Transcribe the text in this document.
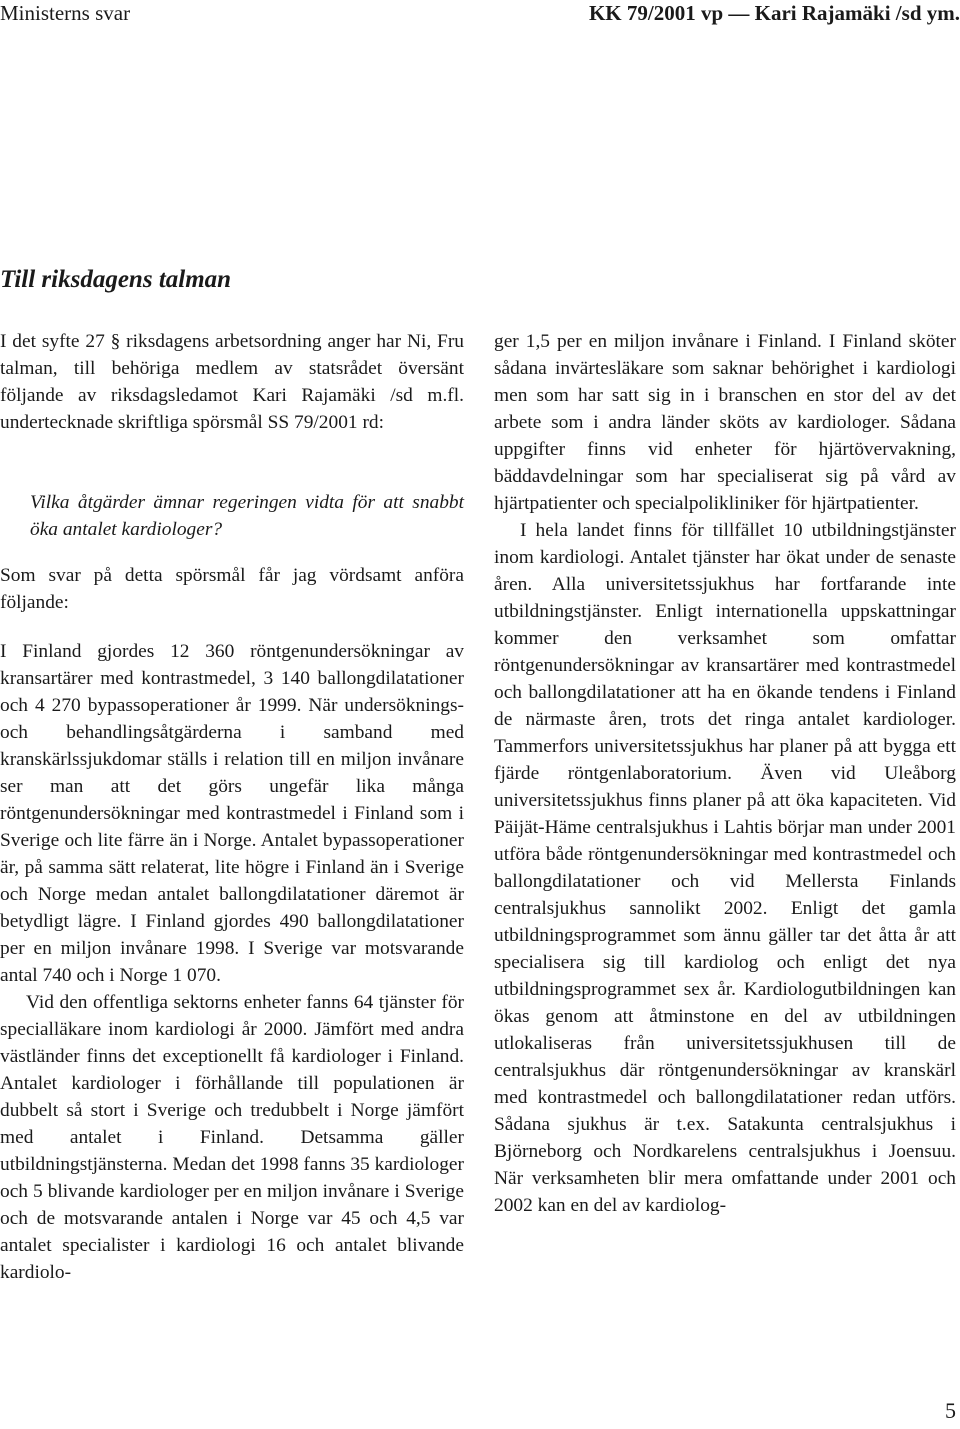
Ministerns svar	KK 79/2001 vp — Kari Rajamäki /sd ym.
Till riksdagens talman
I det syfte 27 § riksdagens arbetsordning anger har Ni, Fru talman, till behöriga medlem av statsrådet översänt följande av riksdagsledamot Kari Rajamäki /sd m.fl. undertecknade skriftliga spörsmål SS 79/2001 rd:
Vilka åtgärder ämnar regeringen vidta för att snabbt öka antalet kardiologer?
Som svar på detta spörsmål får jag vördsamt anföra följande:

I Finland gjordes 12 360 röntgenundersökningar av kransartärer med kontrastmedel, 3 140 ballongdilatationer och 4 270 bypassoperationer år 1999. När undersöknings- och behandlingsåtgärderna i samband med kranskärlssjukdomar ställs i relation till en miljon invånare ser man att det görs ungefär lika många röntgenundersökningar med kontrastmedel i Finland som i Sverige och lite färre än i Norge. Antalet bypassoperationer är, på samma sätt relaterat, lite högre i Finland än i Sverige och Norge medan antalet ballongdilatationer däremot är betydligt lägre. I Finland gjordes 490 ballongdilatationer per en miljon invånare 1998. I Sverige var motsvarande antal 740 och i Norge 1 070.

Vid den offentliga sektorns enheter fanns 64 tjänster för specialläkare inom kardiologi år 2000. Jämfört med andra västländer finns det exceptionellt få kardiologer i Finland. Antalet kardiologer i förhållande till populationen är dubbelt så stort i Sverige och tredubbelt i Norge jämfört med antalet i Finland. Detsamma gäller utbildningstjänsterna. Medan det 1998 fanns 35 kardiologer och 5 blivande kardiologer per en miljon invånare i Sverige och de motsvarande antalen i Norge var 45 och 4,5 var antalet specialister i kardiologi 16 och antalet blivande kardiolo-

ger 1,5 per en miljon invånare i Finland. I Finland sköter sådana invärtesläkare som saknar behörighet i kardiologi men som har satt sig in i branschen en stor del av det arbete som i andra länder sköts av kardiologer. Sådana uppgifter finns vid enheter för hjärtövervakning, bäddavdelningar som har specialiserat sig på vård av hjärtpatienter och specialpolikliniker för hjärtpatienter.

I hela landet finns för tillfället 10 utbildningstjänster inom kardiologi. Antalet tjänster har ökat under de senaste åren. Alla universitetssjukhus har fortfarande inte utbildningstjänster. Enligt internationella uppskattningar kommer den verksamhet som omfattar röntgenundersökningar av kransartärer med kontrastmedel och ballongdilatationer att ha en ökande tendens i Finland de närmaste åren, trots det ringa antalet kardiologer. Tammerfors universitetssjukhus har planer på att bygga ett fjärde röntgenlaboratorium. Även vid Uleåborg universitetssjukhus finns planer på att öka kapaciteten. Vid Päijät-Häme centralsjukhus i Lahtis börjar man under 2001 utföra både röntgenundersökningar med kontrastmedel och ballongdilatationer och vid Mellersta Finlands centralsjukhus sannolikt 2002. Enligt det gamla utbildningsprogrammet som ännu gäller tar det åtta år att specialisera sig till kardiolog och enligt det nya utbildningsprogrammet sex år. Kardiologutbildningen kan ökas genom att åtminstone en del av utbildningen utlokaliseras från universitetssjukhusen till de centralsjukhus där röntgenundersökningar av kranskärl med kontrastmedel och ballongdilatationer redan utförs. Sådana sjukhus är t.ex. Satakunta centralsjukhus i Björneborg och Nordkarelens centralsjukhus i Joensuu. När verksamheten blir mera omfattande under 2001 och 2002 kan en del av kardiolog-

5
